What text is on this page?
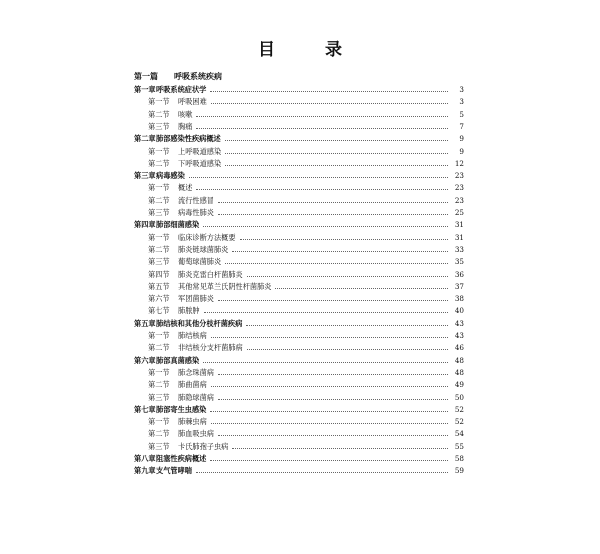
目 录
第一篇 呼吸系统疾病
第一章 呼吸系统症状学	3
第一节	呼吸困难	3
第二节	咳嗽	5
第三节	胸痛	7
第二章 肺部感染性疾病概述	9
第一节	上呼吸道感染	9
第二节	下呼吸道感染	12
第三章 病毒感染	23
第一节	概述	23
第二节	流行性感冒	23
第三节	病毒性肺炎	25
第四章 肺部细菌感染	31
第一节	临床诊断方法概要	31
第二节	肺炎链球菌肺炎	33
第三节	葡萄球菌肺炎	35
第四节	肺炎克雷白杆菌肺炎	36
第五节	其他常见革兰氏阴性杆菌肺炎	37
第六节	军团菌肺炎	38
第七节	肺脓肿	40
第五章 肺结核和其他分枝杆菌疾病	43
第一节	肺结核病	43
第二节	非结核分支杆菌肺病	46
第六章 肺部真菌感染	48
第一节	肺念珠菌病	48
第二节	肺曲菌病	49
第三节	肺隐球菌病	50
第七章 肺部寄生虫感染	52
第一节	肺棘虫病	52
第二节	肺血吸虫病	54
第三节	卡氏肺孢子虫病	55
第八章 阻塞性疾病概述	58
第九章 支气管哮喘	59
